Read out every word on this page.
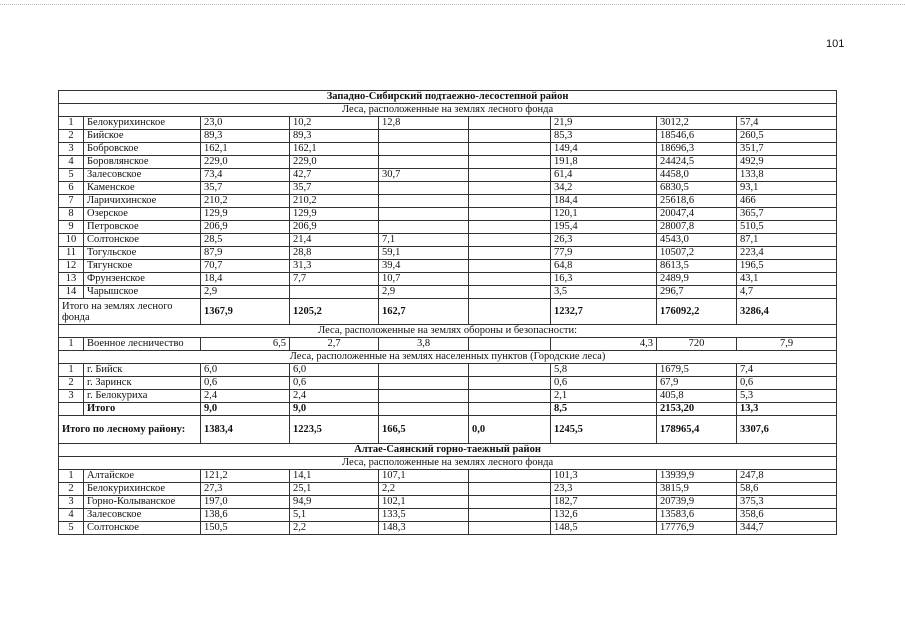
101
Западно-Сибирский подтаежно-лесостепной район								
Леса, расположенные на землях лесного фонда								
1	Белокурихинское	23,0	10,2	12,8		21,9	3012,2	57,4
2	Бийское	89,3	89,3			85,3	18546,6	260,5
3	Бобровское	162,1	162,1			149,4	18696,3	351,7
4	Боровлянское	229,0	229,0			191,8	24424,5	492,9
5	Залесовское	73,4	42,7	30,7		61,4	4458,0	133,8
6	Каменское	35,7	35,7			34,2	6830,5	93,1
7	Ларичихинское	210,2	210,2			184,4	25618,6	466
8	Озерское	129,9	129,9			120,1	20047,4	365,7
9	Петровское	206,9	206,9			195,4	28007,8	510,5
10	Солтонское	28,5	21,4	7,1		26,3	4543,0	87,1
11	Тогульское	87,9	28,8	59,1		77,9	10507,2	223,4
12	Тягунское	70,7	31,3	39,4		64,8	8613,5	196,5
13	Фрунзенское	18,4	7,7	10,7		16,3	2489,9	43,1
14	Чарышское	2,9		2,9		3,5	296,7	4,7
Итого на землях лесного фонда		1367,9	1205,2	162,7		1232,7	176092,2	3286,4
Леса, расположенные на землях обороны и безопасности:								
1	Военное лесничество	6,5	2,7	3,8		4,3	720	7,9
Леса, расположенные на землях населенных пунктов (Городские леса)								
1	г. Бийск	6,0	6,0			5,8	1679,5	7,4
2	г. Заринск	0,6	0,6			0,6	67,9	0,6
3	г. Белокуриха	2,4	2,4			2,1	405,8	5,3
	Итого	9,0	9,0			8,5	2153,20	13,3
Итого по лесному району:		1383,4	1223,5	166,5	0,0	1245,5	178965,4	3307,6
Алтае-Саянский горно-таежный район								
Леса, расположенные на землях лесного фонда								
1	Алтайское	121,2	14,1	107,1		101,3	13939,9	247,8
2	Белокурихинское	27,3	25,1	2,2		23,3	3815,9	58,6
3	Горно-Колыванское	197,0	94,9	102,1		182,7	20739,9	375,3
4	Залесовское	138,6	5,1	133,5		132,6	13583,6	358,6
5	Солтонское	150,5	2,2	148,3		148,5	17776,9	344,7
